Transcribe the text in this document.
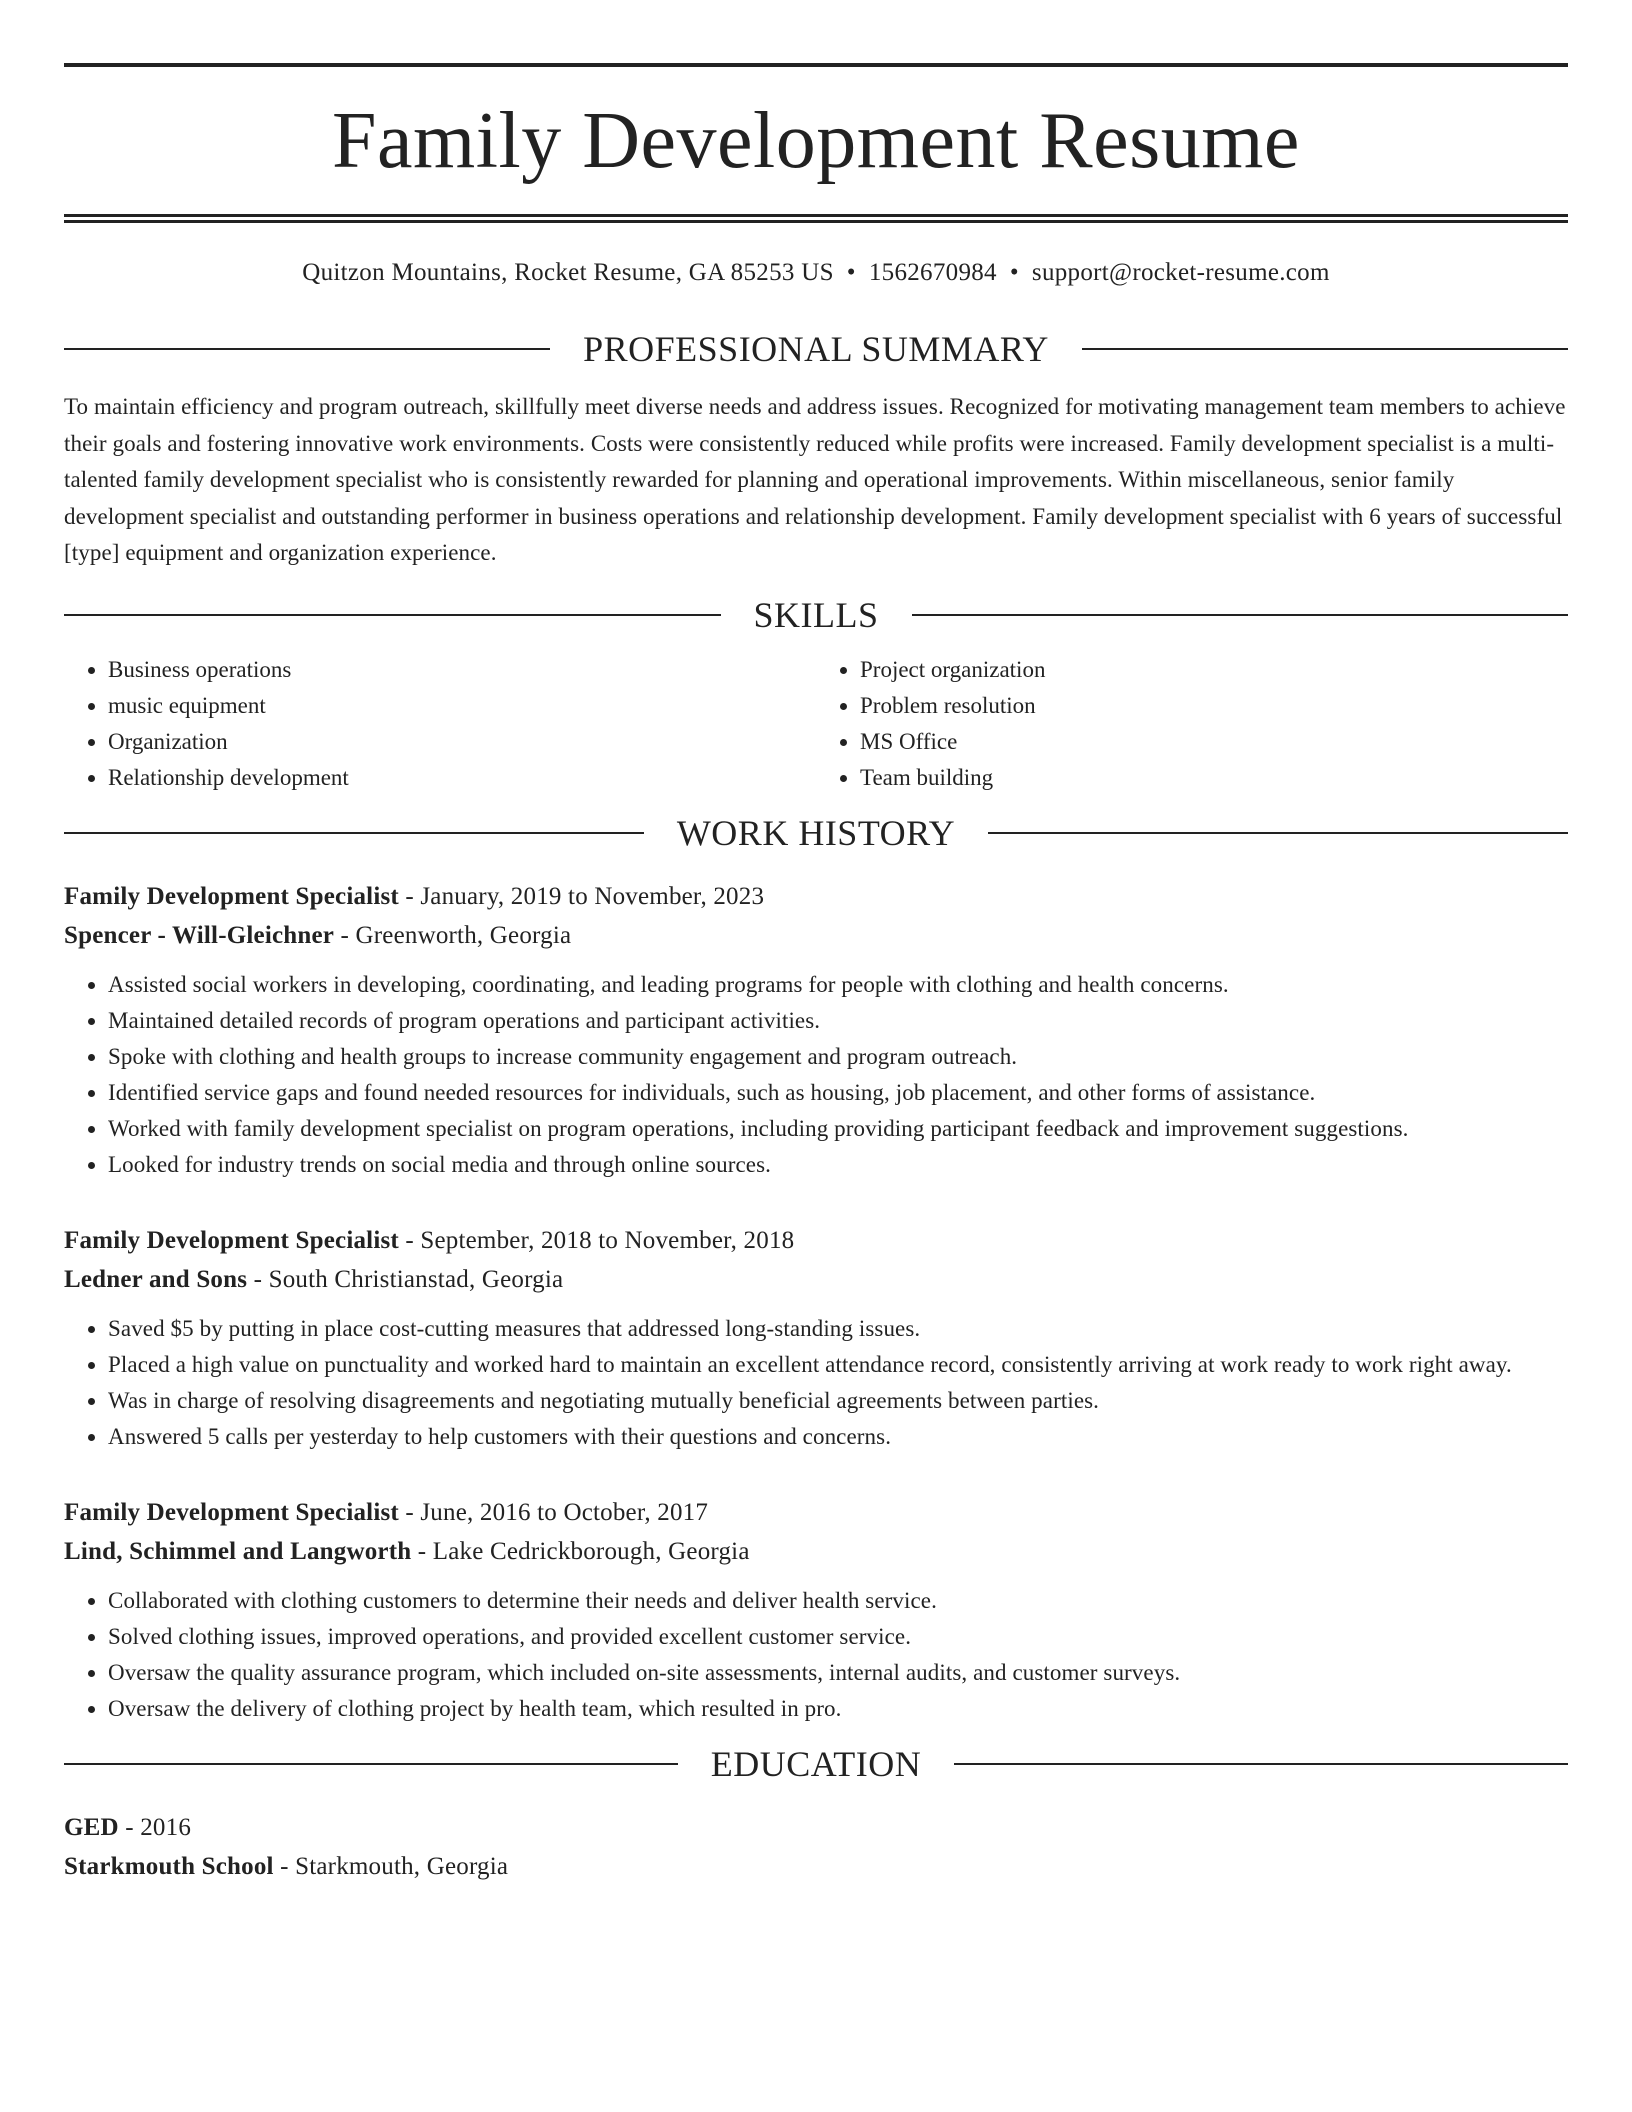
Family Development Resume
Quitzon Mountains, Rocket Resume, GA 85253 US • 1562670984 • support@rocket-resume.com
PROFESSIONAL SUMMARY

To maintain efficiency and program outreach, skillfully meet diverse needs and address issues. Recognized for motivating management team members to achieve their goals and fostering innovative work environments. Costs were consistently reduced while profits were increased. Family development specialist is a multi-talented family development specialist who is consistently rewarded for planning and operational improvements. Within miscellaneous, senior family development specialist and outstanding performer in business operations and relationship development. Family development specialist with 6 years of successful [type] equipment and organization experience.

SKILLS
• Business operations
• music equipment
• Organization
• Relationship development
• Project organization
• Problem resolution
• MS Office
• Team building
WORK HISTORY
Family Development Specialist - January, 2019 to November, 2023
Spencer - Will-Gleichner - Greenworth, Georgia
• Assisted social workers in developing, coordinating, and leading programs for people with clothing and health concerns.
• Maintained detailed records of program operations and participant activities.
• Spoke with clothing and health groups to increase community engagement and program outreach.
• Identified service gaps and found needed resources for individuals, such as housing, job placement, and other forms of assistance.
• Worked with family development specialist on program operations, including providing participant feedback and improvement suggestions.
• Looked for industry trends on social media and through online sources.
Family Development Specialist - September, 2018 to November, 2018
Ledner and Sons - South Christianstad, Georgia
• Saved $5 by putting in place cost-cutting measures that addressed long-standing issues.
• Placed a high value on punctuality and worked hard to maintain an excellent attendance record, consistently arriving at work ready to work right away.
• Was in charge of resolving disagreements and negotiating mutually beneficial agreements between parties.
• Answered 5 calls per yesterday to help customers with their questions and concerns.
Family Development Specialist - June, 2016 to October, 2017
Lind, Schimmel and Langworth - Lake Cedrickborough, Georgia
• Collaborated with clothing customers to determine their needs and deliver health service.
• Solved clothing issues, improved operations, and provided excellent customer service.
• Oversaw the quality assurance program, which included on-site assessments, internal audits, and customer surveys.
• Oversaw the delivery of clothing project by health team, which resulted in pro.
EDUCATION
GED - 2016
Starkmouth School - Starkmouth, Georgia
